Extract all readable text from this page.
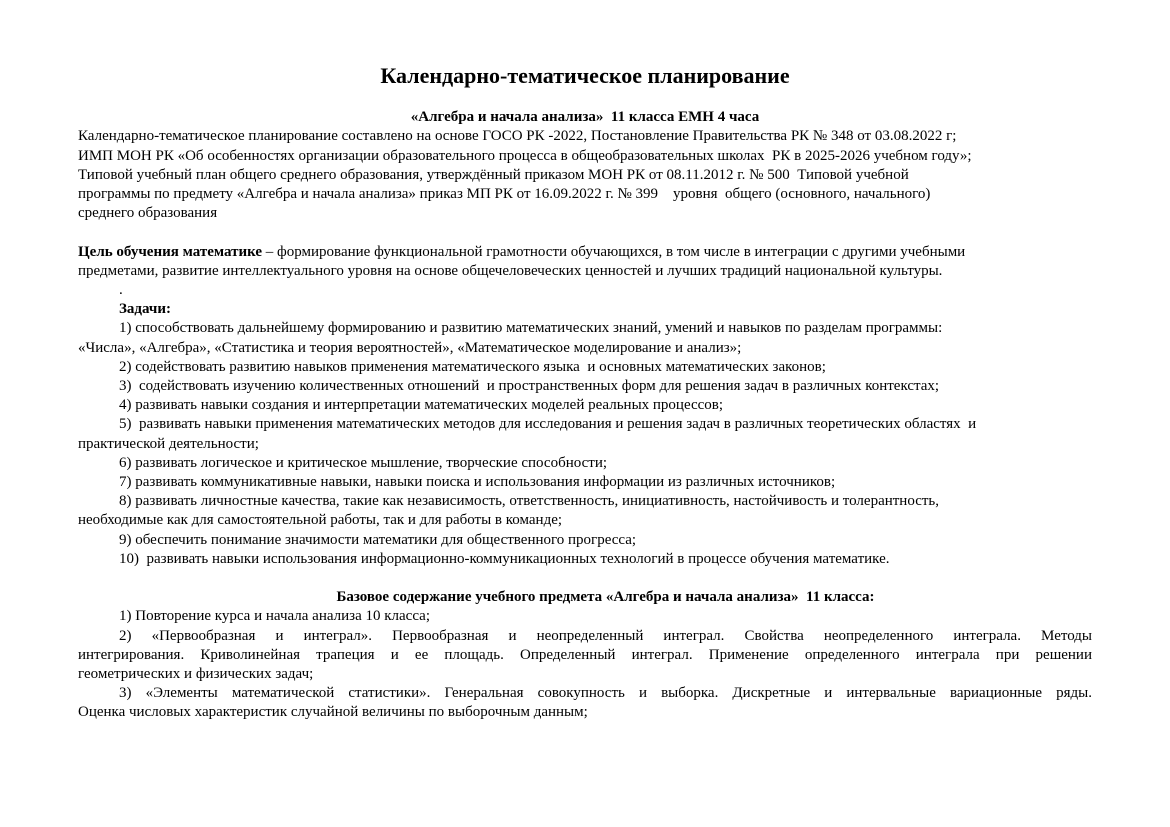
Календарно-тематическое планирование
«Алгебра и начала анализа»  11 класса ЕМН 4 часа
Календарно-тематическое планирование составлено на основе ГОСО РК -2022, Постановление Правительства РК № 348 от 03.08.2022 г;
ИМП МОН РК «Об особенностях организации образовательного процесса в общеобразовательных школах  РК в 2025-2026 учебном году»;
Типовой учебный план общего среднего образования, утверждённый приказом МОН РК от 08.11.2012 г. № 500  Типовой учебной
программы по предмету «Алгебра и начала анализа» приказ МП РК от 16.09.2022 г. № 399    уровня  общего (основного, начального)
среднего образования
Цель обучения математике – формирование функциональной грамотности обучающихся, в том числе в интеграции с другими учебными
предметами, развитие интеллектуального уровня на основе общечеловеческих ценностей и лучших традиций национальной культуры.
.
Задачи:
1) способствовать дальнейшему формированию и развитию математических знаний, умений и навыков по разделам программы:
«Числа», «Алгебра», «Статистика и теория вероятностей», «Математическое моделирование и анализ»;
2) содействовать развитию навыков применения математического языка  и основных математических законов;
3)  содействовать изучению количественных отношений  и пространственных форм для решения задач в различных контекстах;
4) развивать навыки создания и интерпретации математических моделей реальных процессов;
5)  развивать навыки применения математических методов для исследования и решения задач в различных теоретических областях  и
практической деятельности;
6) развивать логическое и критическое мышление, творческие способности;
7) развивать коммуникативные навыки, навыки поиска и использования информации из различных источников;
8) развивать личностные качества, такие как независимость, ответственность, инициативность, настойчивость и толерантность,
необходимые как для самостоятельной работы, так и для работы в команде;
9) обеспечить понимание значимости математики для общественного прогресса;
10)  развивать навыки использования информационно-коммуникационных технологий в процессе обучения математике.
Базовое содержание учебного предмета «Алгебра и начала анализа»  11 класса:
1) Повторение курса и начала анализа 10 класса;
2) «Первообразная и интеграл». Первообразная и неопределенный интеграл. Свойства неопределенного интеграла. Методы
интегрирования. Криволинейная трапеция и ее площадь. Определенный интеграл. Применение определенного интеграла при решении
геометрических и физических задач;
3) «Элементы математической статистики». Генеральная совокупность и выборка. Дискретные и интервальные вариационные ряды.
Оценка числовых характеристик случайной величины по выборочным данным;
